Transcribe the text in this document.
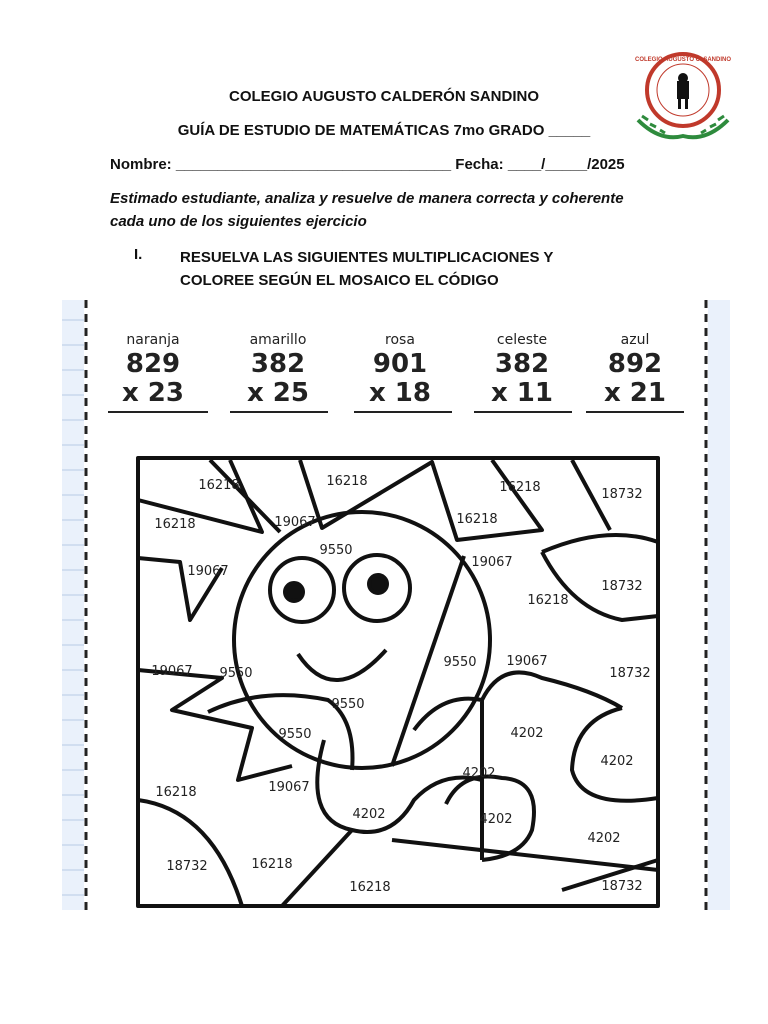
COLEGIO AUGUSTO CALDERÓN SANDINO
GUÍA DE ESTUDIO DE MATEMÁTICAS 7mo GRADO _____
COLEGIO AUGUSTO C. SANDINO
Nombre: _________________________________ Fecha: ____/_____/2025
Estimado estudiante, analiza y resuelve de manera correcta y coherente cada uno de los siguientes ejercicio
I.	RESUELVA LAS SIGUIENTES MULTIPLICACIONES Y COLOREE SEGÚN EL MOSAICO EL CÓDIGO
naranja
829
x 23
amarillo
382
x 25
rosa
901
x 18
celeste
382
x 11
azul
892
x 21
16218	16218	16218	18732
16218	19067	16218
9550
19067
19067
18732
16218
19067 9550
9550 19067
18732
9550
9550	4202
4202
4202
16218	19067
4202	4202
4202
18732	16218
16218	18732
